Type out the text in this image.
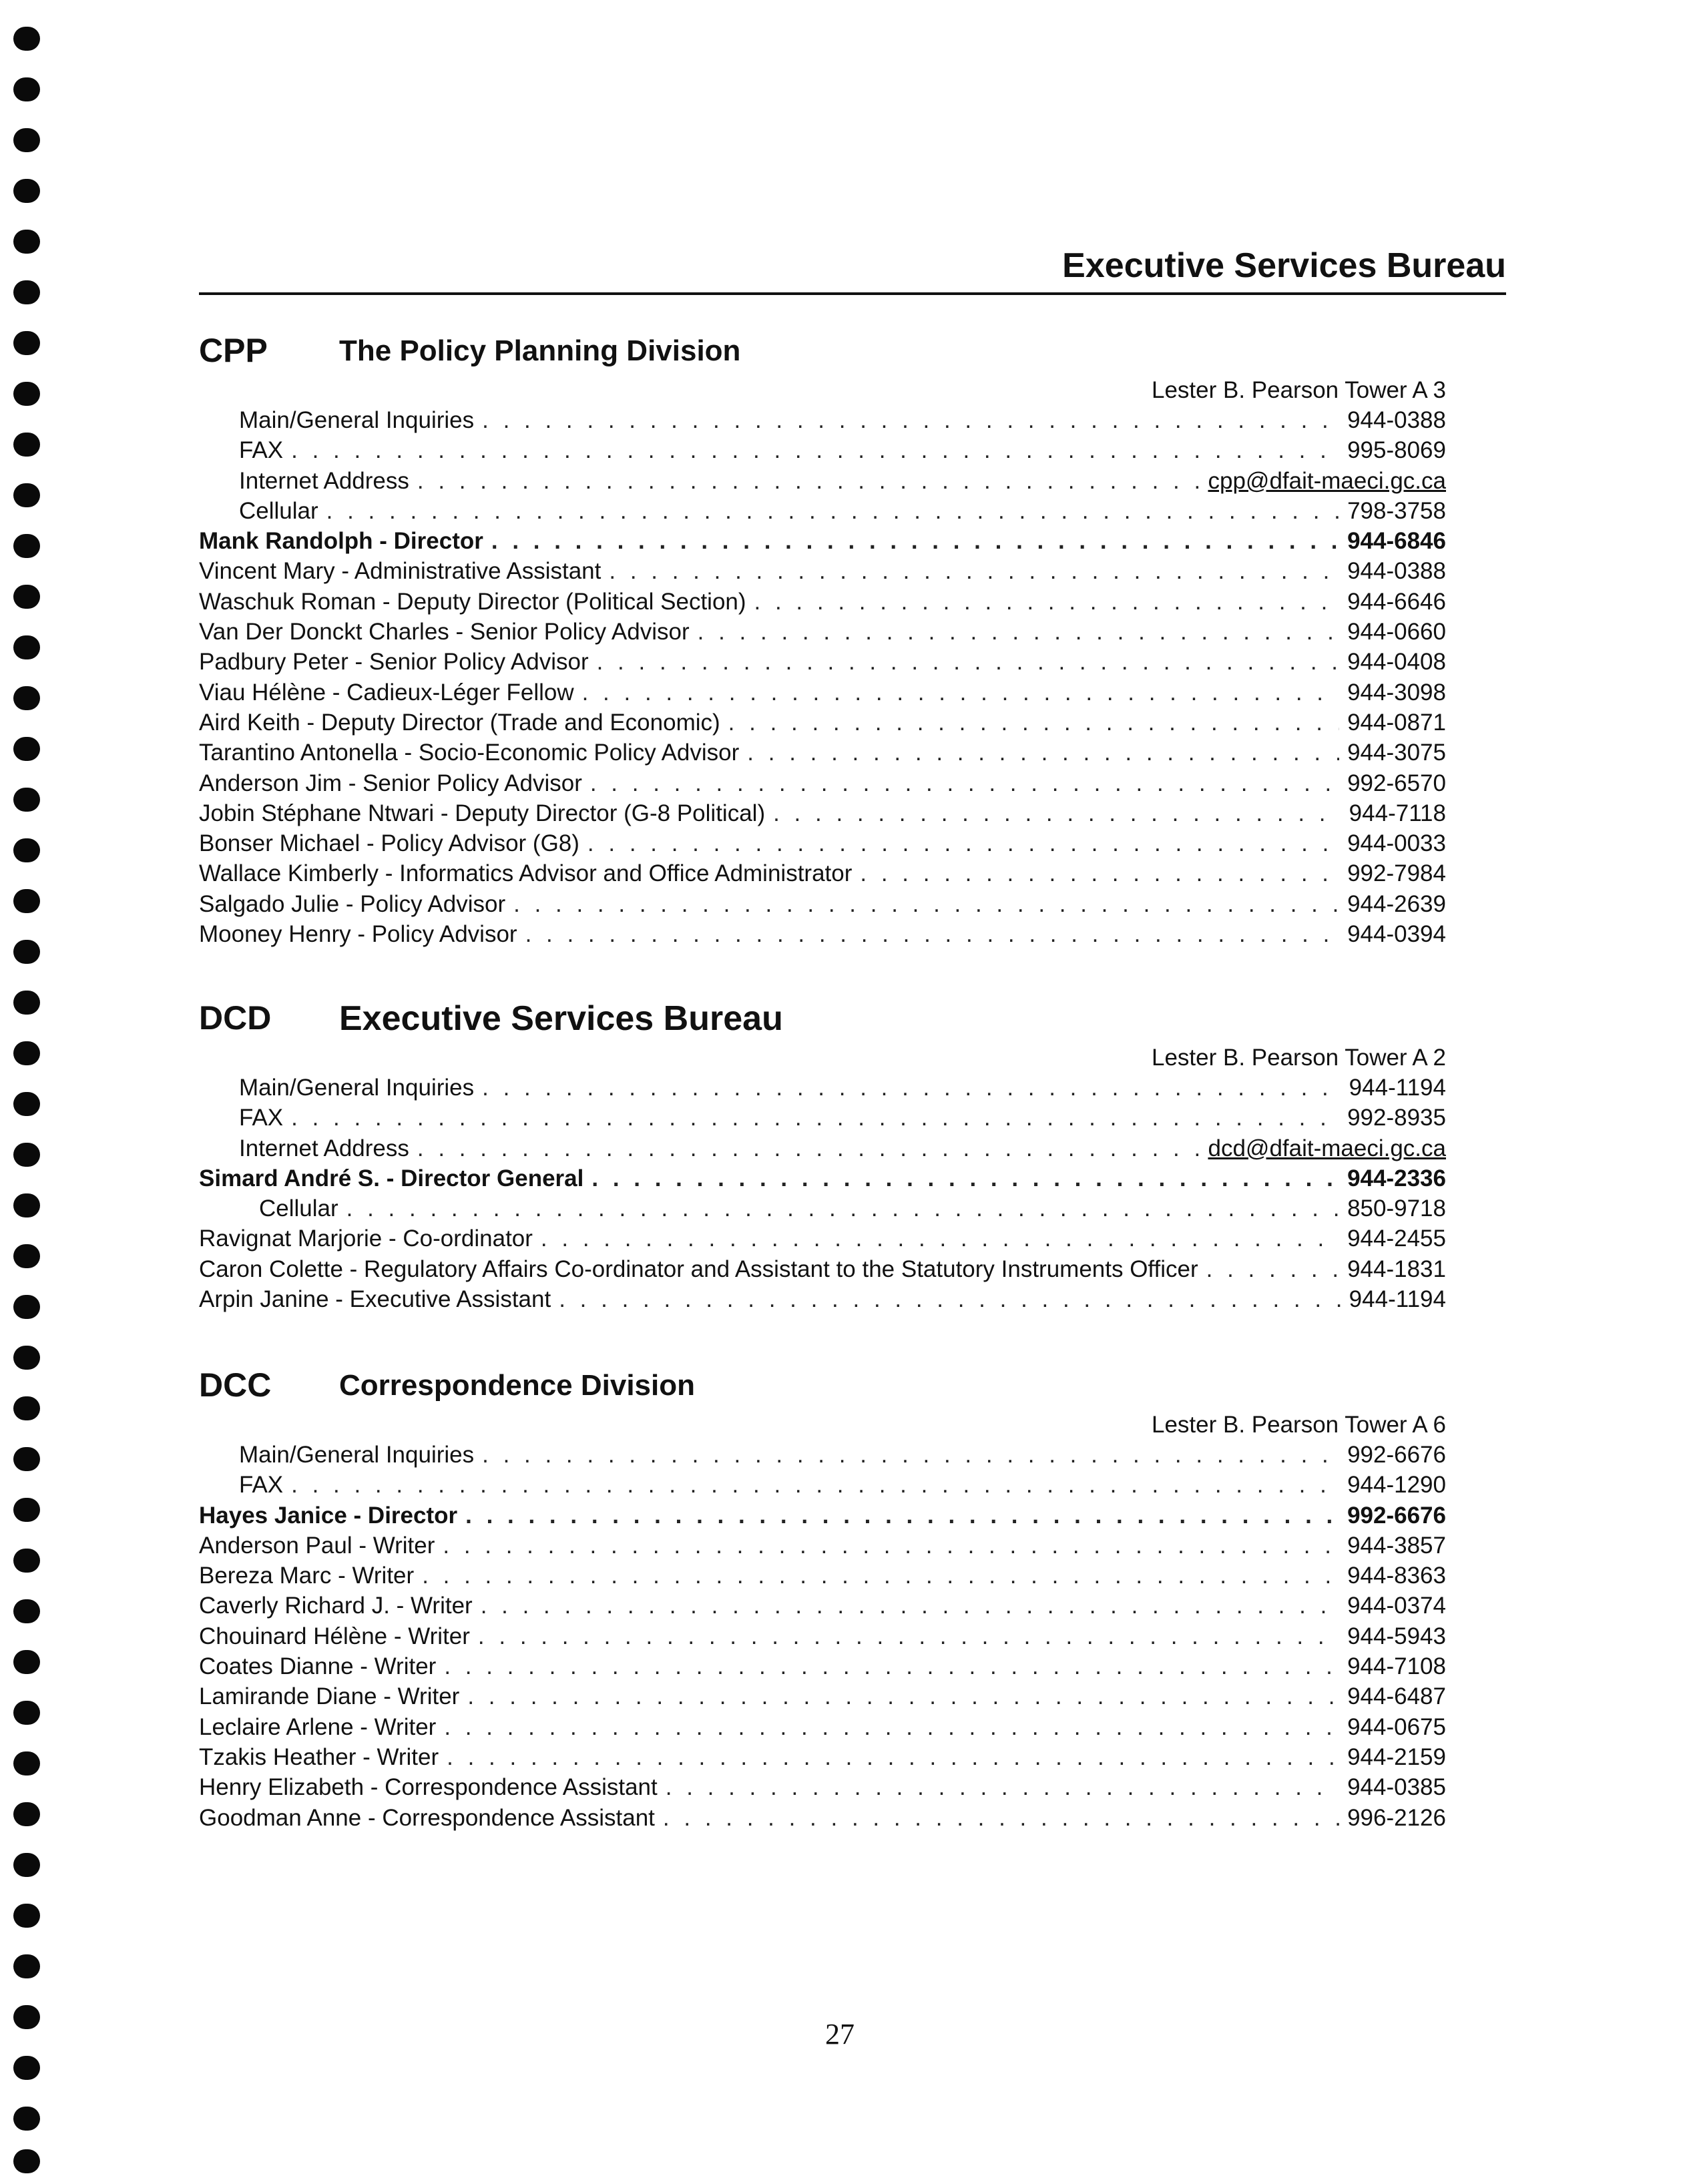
Executive Services Bureau
CPP The Policy Planning Division
Lester B. Pearson Tower A 3
Main/General Inquiries . . .	944-0388
FAX . . .	995-8069
Internet Address . . .	cpp@dfait-maeci.gc.ca
Cellular . . .	798-3758
Mank Randolph - Director . . .	944-6846
Vincent Mary - Administrative Assistant . . .	944-0388
Waschuk Roman - Deputy Director (Political Section) . . .	944-6646
Van Der Donckt Charles - Senior Policy Advisor . . .	944-0660
Padbury Peter - Senior Policy Advisor . . .	944-0408
Viau Hélène - Cadieux-Léger Fellow . . .	944-3098
Aird Keith - Deputy Director (Trade and Economic) . . .	944-0871
Tarantino Antonella - Socio-Economic Policy Advisor . . .	944-3075
Anderson Jim - Senior Policy Advisor . . .	992-6570
Jobin Stéphane Ntwari - Deputy Director (G-8 Political) . . .	944-7118
Bonser Michael - Policy Advisor (G8) . . .	944-0033
Wallace Kimberly - Informatics Advisor and Office Administrator . . .	992-7984
Salgado Julie - Policy Advisor . . .	944-2639
Mooney Henry - Policy Advisor . . .	944-0394
DCD Executive Services Bureau
Lester B. Pearson Tower A 2
Main/General Inquiries . . .	944-1194
FAX . . .	992-8935
Internet Address . . .	dcd@dfait-maeci.gc.ca
Simard André S. - Director General . . .	944-2336
Cellular . . .	850-9718
Ravignat Marjorie - Co-ordinator . . .	944-2455
Caron Colette - Regulatory Affairs Co-ordinator and Assistant to the Statutory Instruments Officer . . .	944-1831
Arpin Janine - Executive Assistant . . .	944-1194
DCC Correspondence Division
Lester B. Pearson Tower A 6
Main/General Inquiries . . .	992-6676
FAX . . .	944-1290
Hayes Janice - Director . . .	992-6676
Anderson Paul - Writer . . .	944-3857
Bereza Marc - Writer . . .	944-8363
Caverly Richard J. - Writer . . .	944-0374
Chouinard Hélène - Writer . . .	944-5943
Coates Dianne - Writer . . .	944-7108
Lamirande Diane - Writer . . .	944-6487
Leclaire Arlene - Writer . . .	944-0675
Tzakis Heather - Writer . . .	944-2159
Henry Elizabeth - Correspondence Assistant . . .	944-0385
Goodman Anne - Correspondence Assistant . . .	996-2126
27
